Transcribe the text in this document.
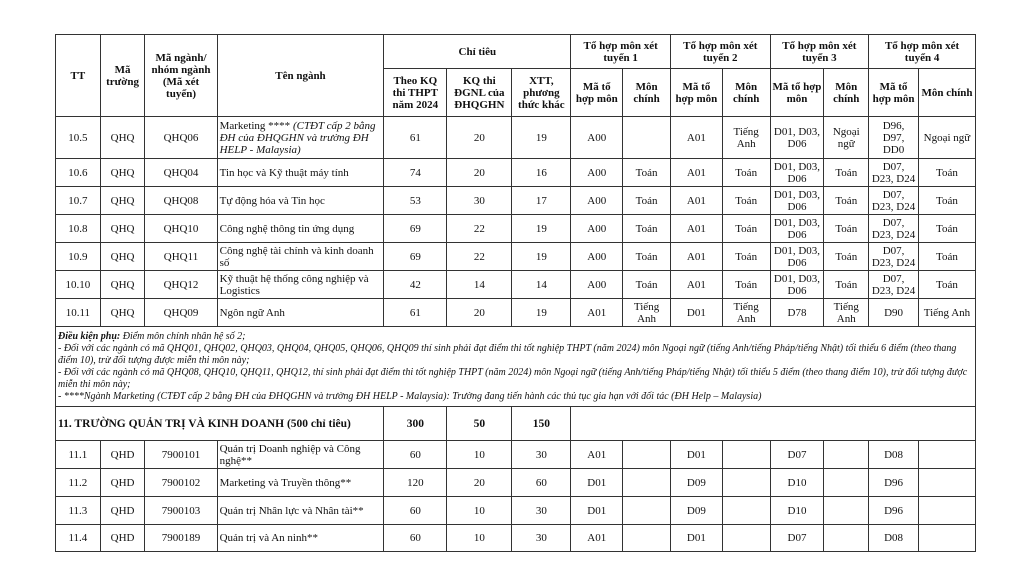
TT	Mã trường	Mã ngành/ nhóm ngành (Mã xét tuyển)	Tên ngành	Chỉ tiêu			Tổ hợp môn xét tuyển 1		Tổ hợp môn xét tuyển 2		Tổ hợp môn xét tuyển 3		Tổ hợp môn xét tuyển 4	
				Theo KQ thi THPT năm 2024	KQ thi ĐGNL của ĐHQGHN	XTT, phương thức khác	Mã tổ hợp môn	Môn chính	Mã tổ hợp môn	Môn chính	Mã tổ hợp môn	Môn chính	Mã tổ hợp môn	Môn chính
10.5	QHQ	QHQ06	Marketing **** (CTĐT cấp 2 bằng ĐH của ĐHQGHN và trường ĐH HELP - Malaysia)	61	20	19	A00		A01	Tiếng Anh	D01, D03, D06	Ngoại ngữ	D96, D97, DD0	Ngoại ngữ
10.6	QHQ	QHQ04	Tin học và Kỹ thuật máy tính	74	20	16	A00	Toán	A01	Toán	D01, D03, D06	Toán	D07, D23, D24	Toán
10.7	QHQ	QHQ08	Tự động hóa và Tin học	53	30	17	A00	Toán	A01	Toán	D01, D03, D06	Toán	D07, D23, D24	Toán
10.8	QHQ	QHQ10	Công nghệ thông tin ứng dụng	69	22	19	A00	Toán	A01	Toán	D01, D03, D06	Toán	D07, D23, D24	Toán
10.9	QHQ	QHQ11	Công nghệ tài chính và kinh doanh số	69	22	19	A00	Toán	A01	Toán	D01, D03, D06	Toán	D07, D23, D24	Toán
10.10	QHQ	QHQ12	Kỹ thuật hệ thống công nghiệp và Logistics	42	14	14	A00	Toán	A01	Toán	D01, D03, D06	Toán	D07, D23, D24	Toán
10.11	QHQ	QHQ09	Ngôn ngữ Anh	61	20	19	A01	Tiếng Anh	D01	Tiếng Anh	D78	Tiếng Anh	D90	Tiếng Anh
Điều kiện phụ: Điểm môn chính nhân hệ số 2;
- Đối với các ngành có mã QHQ01, QHQ02, QHQ03, QHQ04, QHQ05, QHQ06, QHQ09 thí sinh phải đạt điểm thi tốt nghiệp THPT (năm 2024) môn Ngoại ngữ (tiếng Anh/tiếng Pháp/tiếng Nhật) tối thiểu 6 điểm (theo thang điểm 10), trừ đối tượng được miễn thi môn này;
- Đối với các ngành có mã QHQ08, QHQ10, QHQ11, QHQ12, thí sinh phải đạt điểm thi tốt nghiệp THPT (năm 2024) môn Ngoại ngữ (tiếng Anh/tiếng Pháp/tiếng Nhật) tối thiểu 5 điểm (theo thang điểm 10), trừ đối tượng được miễn thi môn này;
- ****Ngành Marketing (CTĐT cấp 2 bằng ĐH của ĐHQGHN và trường ĐH HELP - Malaysia): Trường đang tiến hành các thủ tục gia hạn với đối tác (ĐH Help – Malaysia)														
11. TRƯỜNG QUẢN TRỊ VÀ KINH DOANH (500 chỉ tiêu)				300	50	150								
11.1	QHD	7900101	Quản trị Doanh nghiệp và Công nghệ**	60	10	30	A01		D01		D07		D08	
11.2	QHD	7900102	Marketing và Truyền thông**	120	20	60	D01		D09		D10		D96	
11.3	QHD	7900103	Quản trị Nhân lực và Nhân tài**	60	10	30	D01		D09		D10		D96	
11.4	QHD	7900189	Quản trị và An ninh**	60	10	30	A01		D01		D07		D08	
